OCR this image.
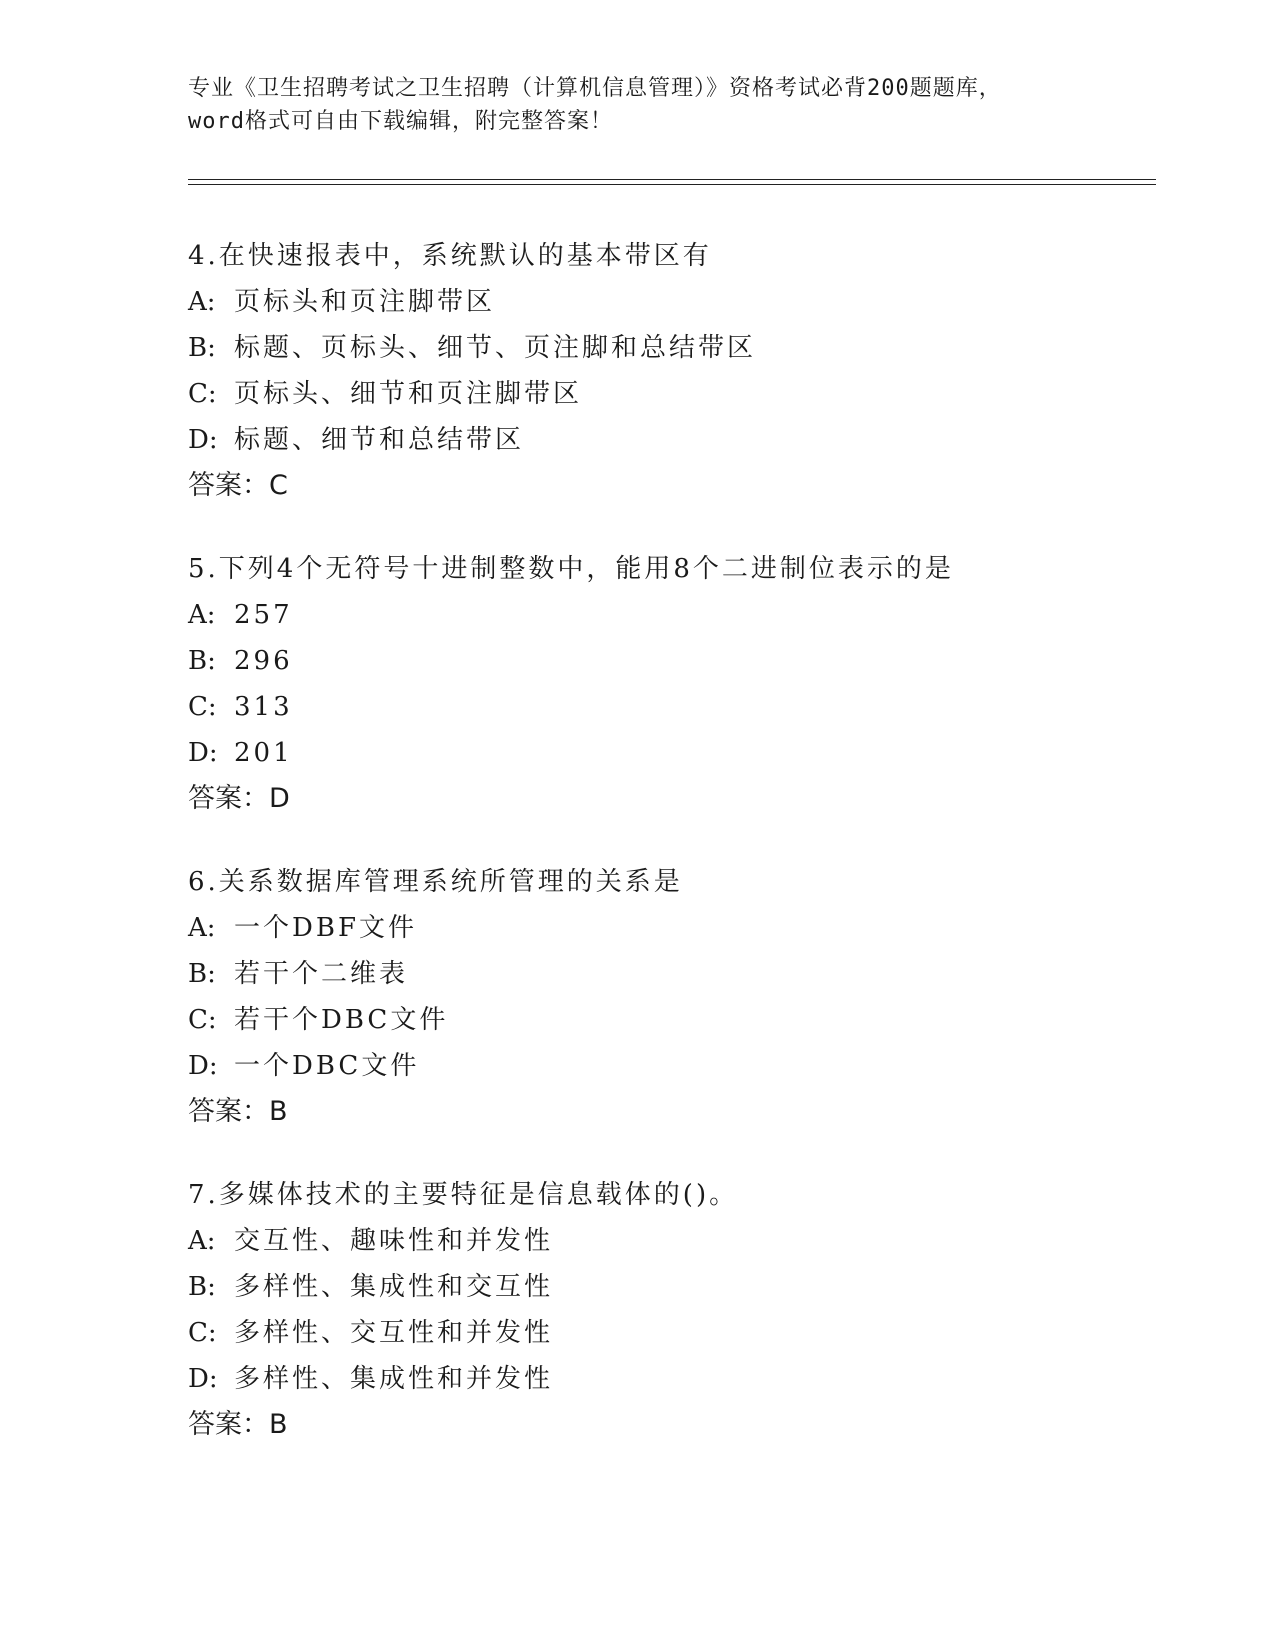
专业《卫生招聘考试之卫生招聘（计算机信息管理）》资格考试必背200题题库，
word格式可自由下载编辑，附完整答案！
4.在快速报表中，系统默认的基本带区有
A: 页标头和页注脚带区
B: 标题、页标头、细节、页注脚和总结带区
C: 页标头、细节和页注脚带区
D: 标题、细节和总结带区
答案：C
5.下列4个无符号十进制整数中，能用8个二进制位表示的是
A: 257
B: 296
C: 313
D: 201
答案：D
6.关系数据库管理系统所管理的关系是
A: 一个DBF文件
B: 若干个二维表
C: 若干个DBC文件
D: 一个DBC文件
答案：B
7.多媒体技术的主要特征是信息载体的()。
A: 交互性、趣味性和并发性
B: 多样性、集成性和交互性
C: 多样性、交互性和并发性
D: 多样性、集成性和并发性
答案：B
